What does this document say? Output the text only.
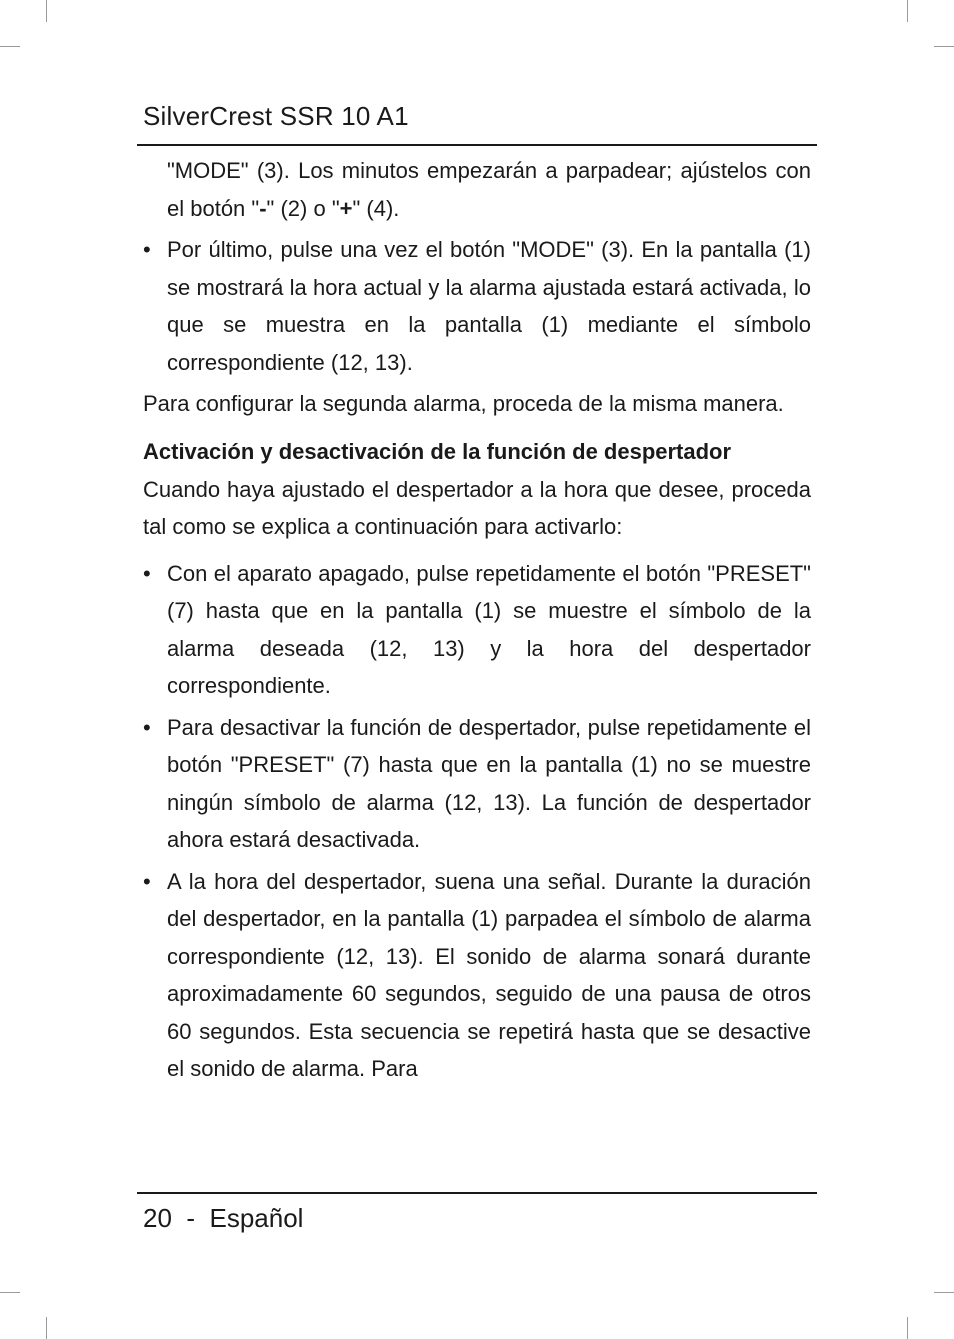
SilverCrest SSR 10 A1

"MODE" (3). Los minutos empezarán a parpadear; ajústelos con el botón "-" (2) o "+" (4).

• Por último, pulse una vez el botón "MODE" (3). En la pantalla (1) se mostrará la hora actual y la alarma ajustada estará activada, lo que se muestra en la pantalla (1) mediante el símbolo correspondiente (12, 13).

Para configurar la segunda alarma, proceda de la misma manera.

Activación y desactivación de la función de despertador

Cuando haya ajustado el despertador a la hora que desee, proceda tal como se explica a continuación para activarlo:

• Con el aparato apagado, pulse repetidamente el botón "PRESET" (7) hasta que en la pantalla (1) se muestre el símbolo de la alarma deseada (12, 13) y la hora del despertador correspondiente.

• Para desactivar la función de despertador, pulse repetidamente el botón "PRESET" (7) hasta que en la pantalla (1) no se muestre ningún símbolo de alarma (12, 13). La función de despertador ahora estará desactivada.

• A la hora del despertador, suena una señal. Durante la duración del despertador, en la pantalla (1) parpadea el símbolo de alarma correspondiente (12, 13). El sonido de alarma sonará durante aproximadamente 60 segundos, seguido de una pausa de otros 60 segundos. Esta secuencia se repetirá hasta que se desactive el sonido de alarma. Para

20  -  Español
